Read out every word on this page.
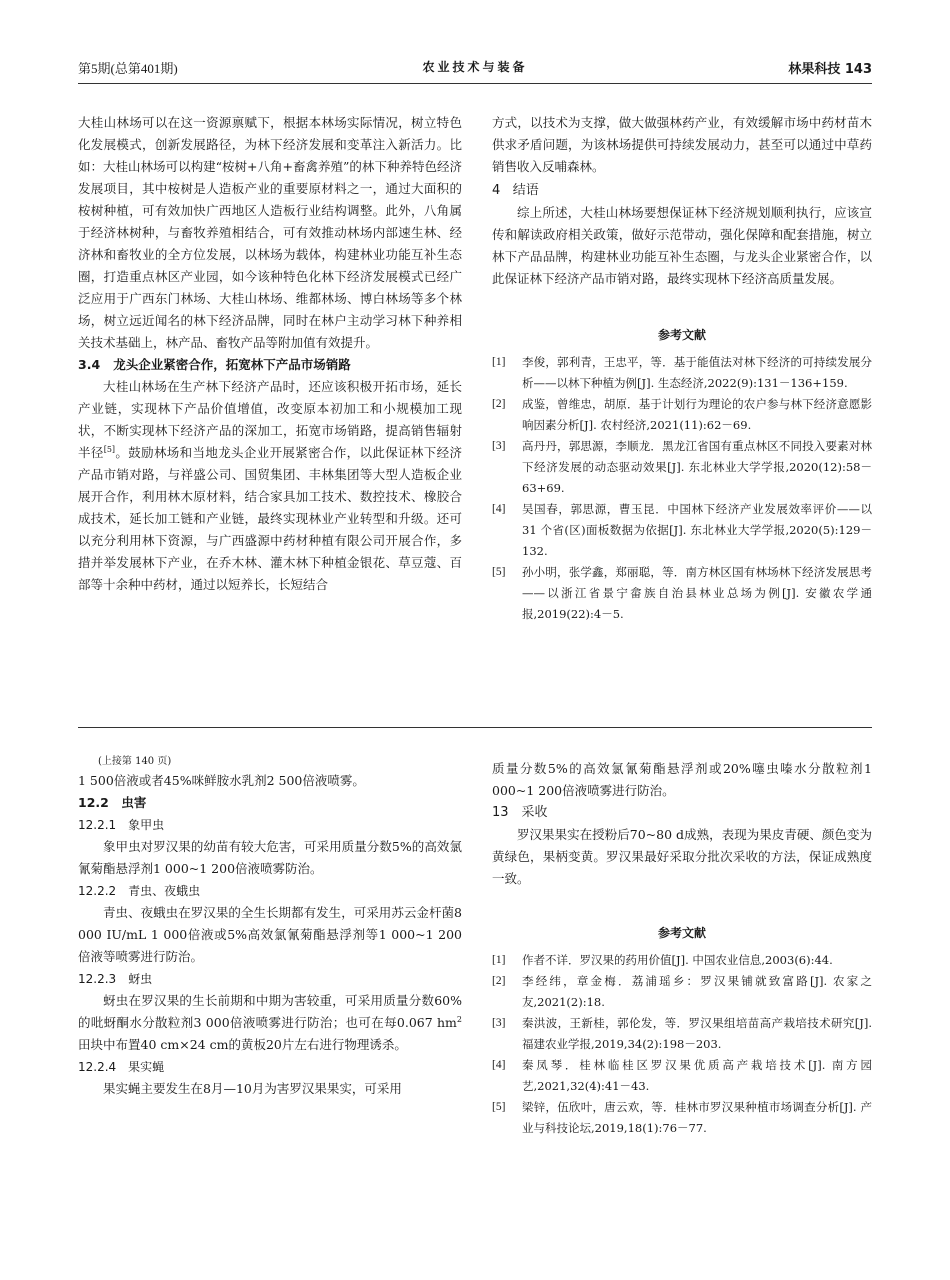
第5期(总第401期)	农业技术与装备	林果科技 143

大桂山林场可以在这一资源禀赋下，根据本林场实际情况，树立特色化发展模式，创新发展路径，为林下经济发展和变革注入新活力。比如：大桂山林场可以构建“桉树+八角+畜禽养殖”的林下种养特色经济发展项目，其中桉树是人造板产业的重要原材料之一，通过大面积的桉树种植，可有效加快广西地区人造板行业结构调整。此外，八角属于经济林树种，与畜牧养殖相结合，可有效推动林场内部速生林、经济林和畜牧业的全方位发展，以林场为载体，构建林业功能互补生态圈，打造重点林区产业园，如今该种特色化林下经济发展模式已经广泛应用于广西东门林场、大桂山林场、维都林场、博白林场等多个林场，树立远近闻名的林下经济品牌，同时在林户主动学习林下种养相关技术基础上，林产品、畜牧产品等附加值有效提升。

3.4 龙头企业紧密合作，拓宽林下产品市场销路

大桂山林场在生产林下经济产品时，还应该积极开拓市场，延长产业链，实现林下产品价值增值，改变原本初加工和小规模加工现状，不断实现林下经济产品的深加工，拓宽市场销路，提高销售辐射半径[5]。鼓励林场和当地龙头企业开展紧密合作，以此保证林下经济产品市销对路，与祥盛公司、国贸集团、丰林集团等大型人造板企业展开合作，利用林木原材料，结合家具加工技术、数控技术、橡胶合成技术，延长加工链和产业链，最终实现林业产业转型和升级。还可以充分利用林下资源，与广西盛源中药材种植有限公司开展合作，多措并举发展林下产业，在乔木林、灌木林下种植金银花、草豆蔻、百部等十余种中药材，通过以短养长，长短结合

方式，以技术为支撑，做大做强林药产业，有效缓解市场中药材苗木供求矛盾问题，为该林场提供可持续发展动力，甚至可以通过中草药销售收入反哺森林。

4 结语

综上所述，大桂山林场要想保证林下经济规划顺利执行，应该宣传和解读政府相关政策，做好示范带动，强化保障和配套措施，树立林下产品品牌，构建林业功能互补生态圈，与龙头企业紧密合作，以此保证林下经济产品市销对路，最终实现林下经济高质量发展。

参考文献
[1]	李俊，郭利青，王忠平，等．基于能值法对林下经济的可持续发展分析——以林下种植为例[J]. 生态经济,2022(9):131－136+159.
[2]	成鉴，曾维忠，胡原．基于计划行为理论的农户参与林下经济意愿影响因素分析[J]. 农村经济,2021(11):62－69.
[3]	高丹丹，郭思源，李顺龙．黑龙江省国有重点林区不同投入要素对林下经济发展的动态驱动效果[J]. 东北林业大学学报,2020(12):58－63+69.
[4]	吴国春，郭思源，曹玉昆．中国林下经济产业发展效率评价——以 31 个省(区)面板数据为依据[J]. 东北林业大学学报,2020(5):129－132.
[5]	孙小明，张学鑫，郑丽聪，等．南方林区国有林场林下经济发展思考——以浙江省景宁畲族自治县林业总场为例[J]. 安徽农学通报,2019(22):4－5.
(上接第 140 页)

1 500倍液或者45%咪鲜胺水乳剂2 500倍液喷雾。

12.2　虫害

12.2.1　象甲虫

象甲虫对罗汉果的幼苗有较大危害，可采用质量分数5%的高效氯氰菊酯悬浮剂1 000~1 200倍液喷雾防治。

12.2.2　青虫、夜蛾虫

青虫、夜蛾虫在罗汉果的全生长期都有发生，可采用苏云金杆菌8 000 IU/mL 1 000倍液或5%高效氯氰菊酯悬浮剂等1 000~1 200倍液等喷雾进行防治。

12.2.3　蚜虫

蚜虫在罗汉果的生长前期和中期为害较重，可采用质量分数60%的吡蚜酮水分散粒剂3 000倍液喷雾进行防治；也可在每0.067 $hm^2$田块中布置40 cm×24 cm的黄板20片左右进行物理诱杀。

12.2.4　果实蝇

果实蝇主要发生在8月—10月为害罗汉果果实，可采用

质量分数5%的高效氯氰菊酯悬浮剂或20%噻虫嗪水分散粒剂1 000~1 200倍液喷雾进行防治。

13　采收

罗汉果果实在授粉后70~80 d成熟，表现为果皮青硬、颜色变为黄绿色，果柄变黄。罗汉果最好采取分批次采收的方法，保证成熟度一致。

参考文献
[1]	作者不详．罗汉果的药用价值[J]. 中国农业信息,2003(6):44.
[2]	李经纬，章金梅．荔浦瑶乡：罗汉果铺就致富路[J]. 农家之友,2021(2):18.
[3]	秦洪波，王新桂，郭伦发，等．罗汉果组培苗高产栽培技术研究[J]. 福建农业学报,2019,34(2):198－203.
[4]	秦凤琴．桂林临桂区罗汉果优质高产栽培技术[J]. 南方园艺,2021,32(4):41－43.
[5]	梁锌，伍欣叶，唐云欢，等．桂林市罗汉果种植市场调查分析[J]. 产业与科技论坛,2019,18(1):76－77.
